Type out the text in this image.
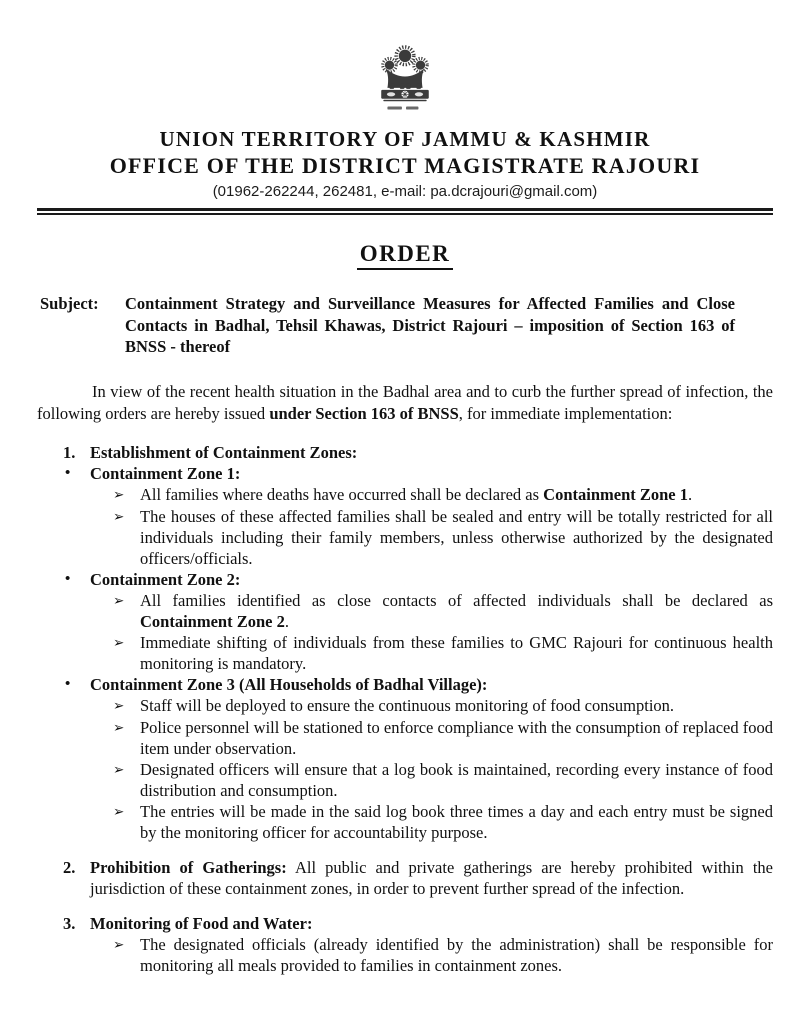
UNION TERRITORY OF JAMMU & KASHMIR
OFFICE OF THE DISTRICT MAGISTRATE RAJOURI
(01962-262244, 262481, e-mail: pa.dcrajouri@gmail.com)
ORDER
Subject:	Containment Strategy and Surveillance Measures for Affected Families and Close Contacts in Badhal, Tehsil Khawas, District Rajouri – imposition of Section 163 of BNSS - thereof

In view of the recent health situation in the Badhal area and to curb the further spread of infection, the following orders are hereby issued under Section 163 of BNSS, for immediate implementation:

1. Establishment of Containment Zones:
•	Containment Zone 1:
➢ All families where deaths have occurred shall be declared as Containment Zone 1.
➢ The houses of these affected families shall be sealed and entry will be totally restricted for all individuals including their family members, unless otherwise authorized by the designated officers/officials.
•	Containment Zone 2:
➢ All families identified as close contacts of affected individuals shall be declared as Containment Zone 2.
➢ Immediate shifting of individuals from these families to GMC Rajouri for continuous health monitoring is mandatory.
•	Containment Zone 3 (All Households of Badhal Village):
➢ Staff will be deployed to ensure the continuous monitoring of food consumption.
➢ Police personnel will be stationed to enforce compliance with the consumption of replaced food item under observation.
➢ Designated officers will ensure that a log book is maintained, recording every instance of food distribution and consumption.
➢ The entries will be made in the said log book three times a day and each entry must be signed by the monitoring officer for accountability purpose.
2. Prohibition of Gatherings: All public and private gatherings are hereby prohibited within the jurisdiction of these containment zones, in order to prevent further spread of the infection.
3. Monitoring of Food and Water:
➢ The designated officials (already identified by the administration) shall be responsible for monitoring all meals provided to families in containment zones.
